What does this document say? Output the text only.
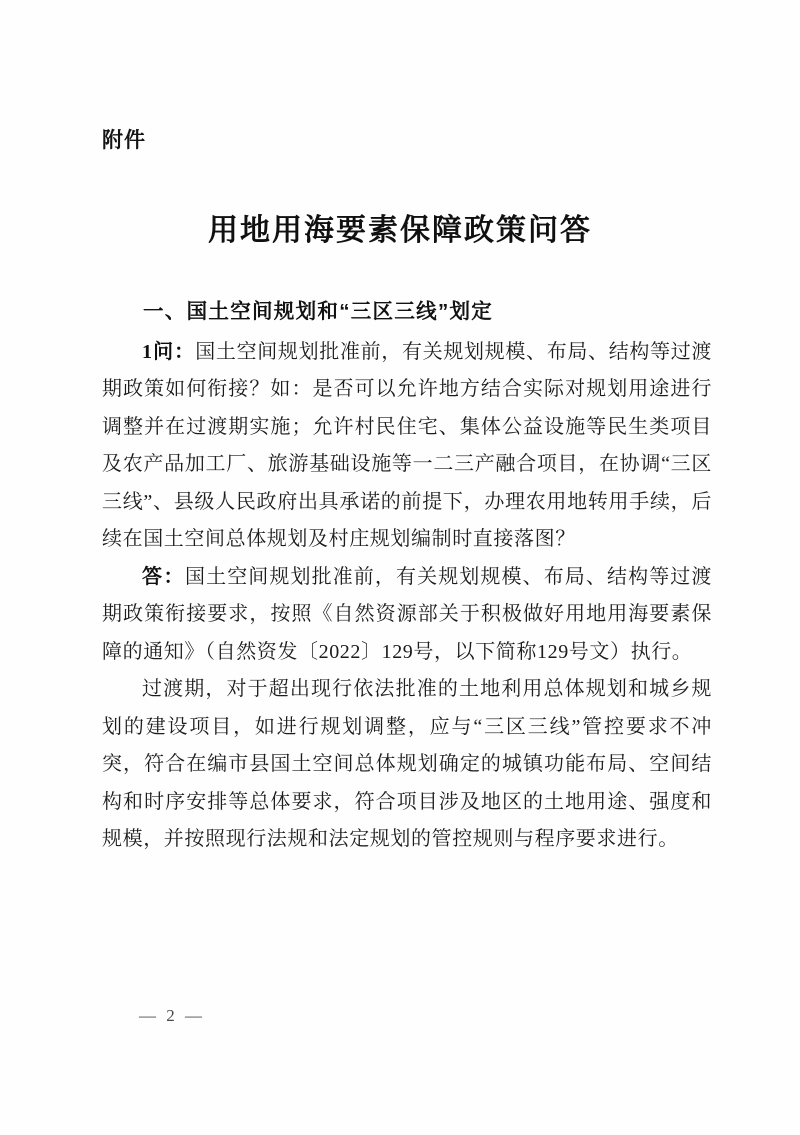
附件
用地用海要素保障政策问答

一、国土空间规划和“三区三线”划定

1问：国土空间规划批准前，有关规划规模、布局、结构等过渡期政策如何衔接？如：是否可以允许地方结合实际对规划用途进行调整并在过渡期实施；允许村民住宅、集体公益设施等民生类项目及农产品加工厂、旅游基础设施等一二三产融合项目，在协调“三区三线”、县级人民政府出具承诺的前提下，办理农用地转用手续，后续在国土空间总体规划及村庄规划编制时直接落图？

答：国土空间规划批准前，有关规划规模、布局、结构等过渡期政策衔接要求，按照《自然资源部关于积极做好用地用海要素保障的通知》（自然资发〔2022〕129号，以下简称129号文）执行。

过渡期，对于超出现行依法批准的土地利用总体规划和城乡规划的建设项目，如进行规划调整，应与“三区三线”管控要求不冲突，符合在编市县国土空间总体规划确定的城镇功能布局、空间结构和时序安排等总体要求，符合项目涉及地区的土地用途、强度和规模，并按照现行法规和法定规划的管控规则与程序要求进行。

— 2 —
